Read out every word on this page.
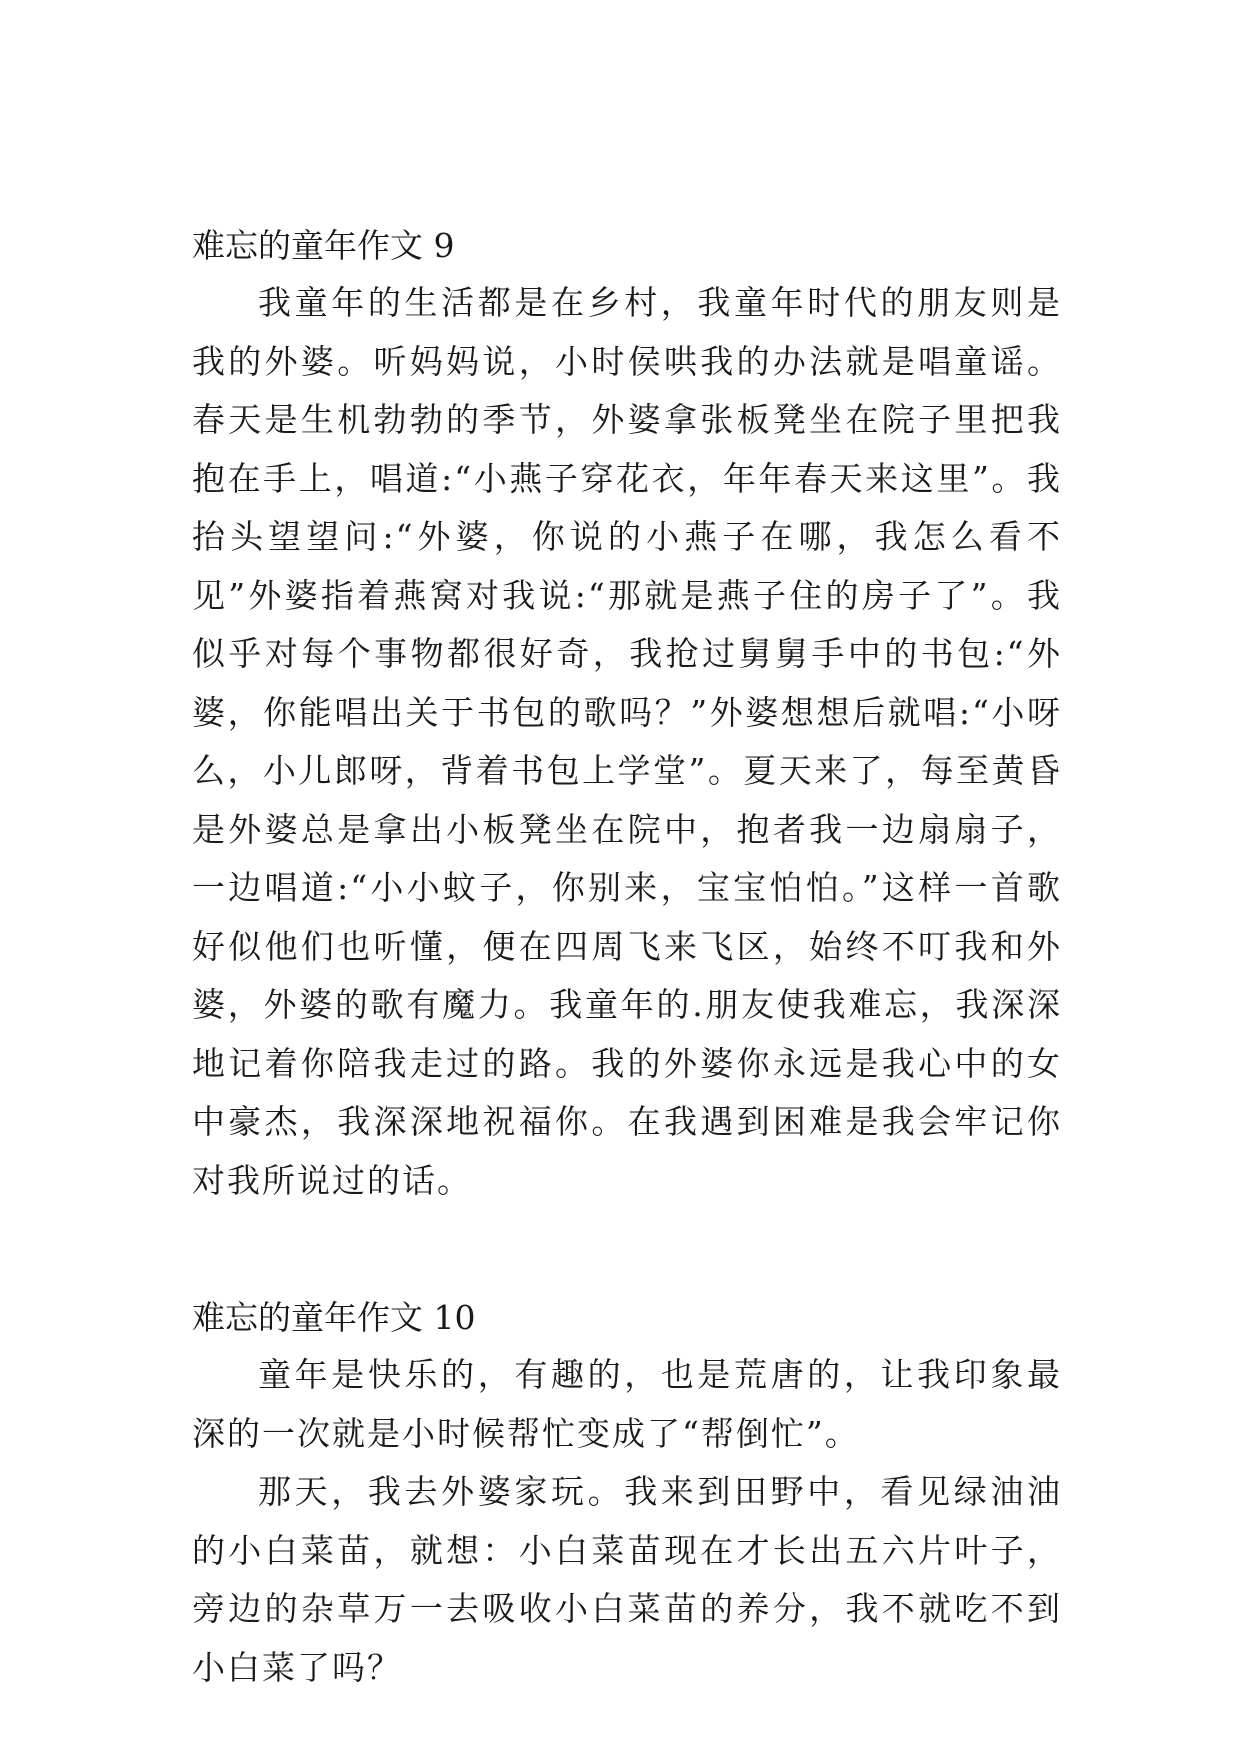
难忘的童年作文 9

我童年的生活都是在乡村，我童年时代的朋友则是我的外婆。听妈妈说，小时侯哄我的办法就是唱童谣。春天是生机勃勃的季节，外婆拿张板凳坐在院子里把我抱在手上，唱道:“小燕子穿花衣，年年春天来这里”。我抬头望望问:“外婆，你说的小燕子在哪，我怎么看不见”外婆指着燕窝对我说:“那就是燕子住的房子了”。我似乎对每个事物都很好奇，我抢过舅舅手中的书包:“外婆，你能唱出关于书包的歌吗？”外婆想想后就唱:“小呀么，小儿郎呀，背着书包上学堂”。夏天来了，每至黄昏是外婆总是拿出小板凳坐在院中，抱者我一边扇扇子，一边唱道:“小小蚊子，你别来，宝宝怕怕。”这样一首歌好似他们也听懂，便在四周飞来飞区，始终不叮我和外婆，外婆的歌有魔力。我童年的.朋友使我难忘，我深深地记着你陪我走过的路。我的外婆你永远是我心中的女中豪杰，我深深地祝福你。在我遇到困难是我会牢记你对我所说过的话。

难忘的童年作文 10

童年是快乐的，有趣的，也是荒唐的，让我印象最深的一次就是小时候帮忙变成了“帮倒忙”。

那天，我去外婆家玩。我来到田野中，看见绿油油的小白菜苗，就想：小白菜苗现在才长出五六片叶子，旁边的杂草万一去吸收小白菜苗的养分，我不就吃不到小白菜了吗？
